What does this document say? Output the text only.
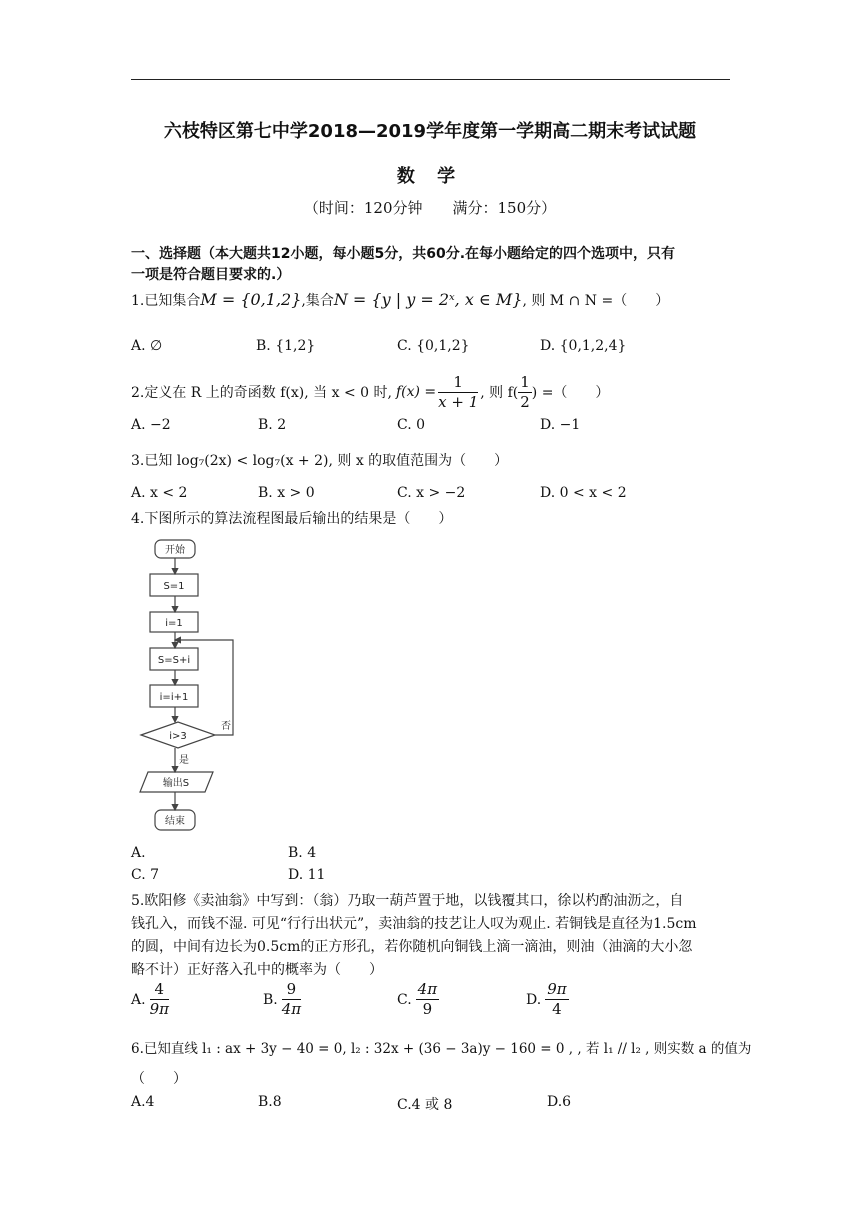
六枝特区第七中学2018—2019学年度第一学期高二期末考试试题
数 学
（时间：120分钟　　满分：150分）
一、选择题（本大题共12小题，每小题5分，共60分.在每小题给定的四个选项中，只有
一项是符合题目要求的.）
1.已知集合M = {0,1,2},集合N = {y | y = 2ˣ, x ∈ M}, 则 M ∩ N =（　　）
A. ∅	B. {1,2}	C. {0,1,2}	D. {0,1,2,4}
2.定义在 R 上的奇函数 f(x), 当 x < 0 时, $f(x) = \frac{1}{x + 1}$ , 则 $f( \frac{1}{2}$ ) =（　　）
A. −2	B. 2	C. 0	D. −1
3.已知 log₇(2x) < log₇(x + 2), 则 x 的取值范围为（　　）
A. x < 2	B. x > 0	C. x > −2	D. 0 < x < 2
4.下图所示的算法流程图最后输出的结果是（　　）
开始
S=1
i=1
S=S+i
i=i+1
i>3
否
是
输出S
结束
A.	B. 4
C. 7	D. 11
5.欧阳修《卖油翁》中写到：（翁）乃取一葫芦置于地，以钱覆其口，徐以杓酌油沥之，自
钱孔入，而钱不湿. 可见“行行出状元”，卖油翁的技艺让人叹为观止. 若铜钱是直径为1.5cm
的圆，中间有边长为0.5cm的正方形孔，若你随机向铜钱上滴一滴油，则油（油滴的大小忽
略不计）正好落入孔中的概率为（　　）
A. $\frac{4}{9\pi}$	B. $\frac{9}{4\pi}$	C. $\frac{4\pi}{9}$	D. $\frac{9\pi}{4}$
6.已知直线 l₁ : ax + 3y − 40 = 0, l₂ : 32x + (36 − 3a)y − 160 = 0 , , 若 l₁ // l₂ , 则实数 a 的值为
（　　）
A.4	B.8	C.4 或 8	D.6
